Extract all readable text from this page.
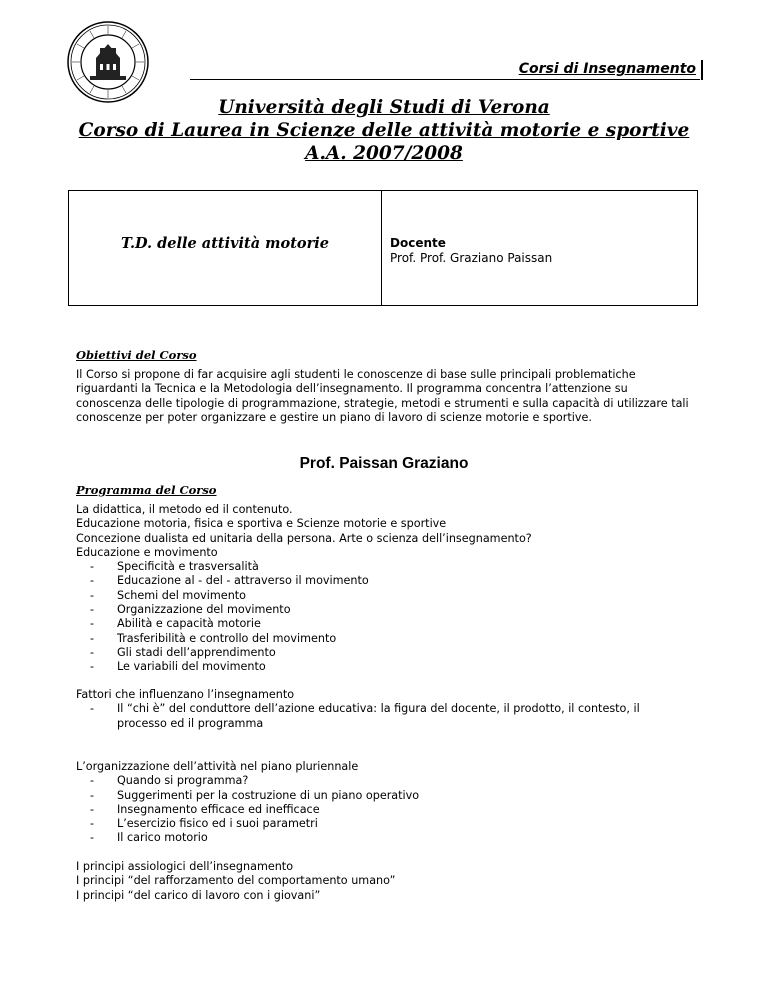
Corsi di Insegnamento
Università degli Studi di Verona
Corso di Laurea in Scienze delle attività motorie e sportive
A.A. 2007/2008
T.D. delle attività motorie	Docente
Prof. Prof. Graziano Paissan
Obiettivi del Corso

Il Corso si propone di far acquisire agli studenti le conoscenze di base sulle principali problematiche

riguardanti la Tecnica e la Metodologia dell’insegnamento. Il programma concentra l’attenzione su

conoscenza delle tipologie di programmazione, strategie, metodi e strumenti e sulla capacità di utilizzare tali

conoscenze per poter organizzare e gestire un piano di lavoro di scienze motorie e sportive.

Prof. Paissan Graziano
Programma del Corso
La didattica, il metodo ed il contenuto.
Educazione motoria, fisica e sportiva e Scienze motorie e sportive
Concezione dualista ed unitaria della persona. Arte o scienza dell’insegnamento?
Educazione e movimento
- Specificità e trasversalità
- Educazione al - del - attraverso il movimento
- Schemi del movimento
- Organizzazione del movimento
- Abilità e capacità motorie
- Trasferibilità e controllo del movimento
- Gli stadi dell’apprendimento
- Le variabili del movimento
Fattori che influenzano l’insegnamento
- Il “chi è” del conduttore dell’azione educativa: la figura del docente, il prodotto, il contesto, il
processo ed il programma
L’organizzazione dell’attività nel piano pluriennale
- Quando si programma?
- Suggerimenti per la costruzione di un piano operativo
- Insegnamento efficace ed inefficace
- L’esercizio fisico ed i suoi parametri
- Il carico motorio
I principi assiologici dell’insegnamento
I principi “del rafforzamento del comportamento umano”
I principi “del carico di lavoro con i giovani”
